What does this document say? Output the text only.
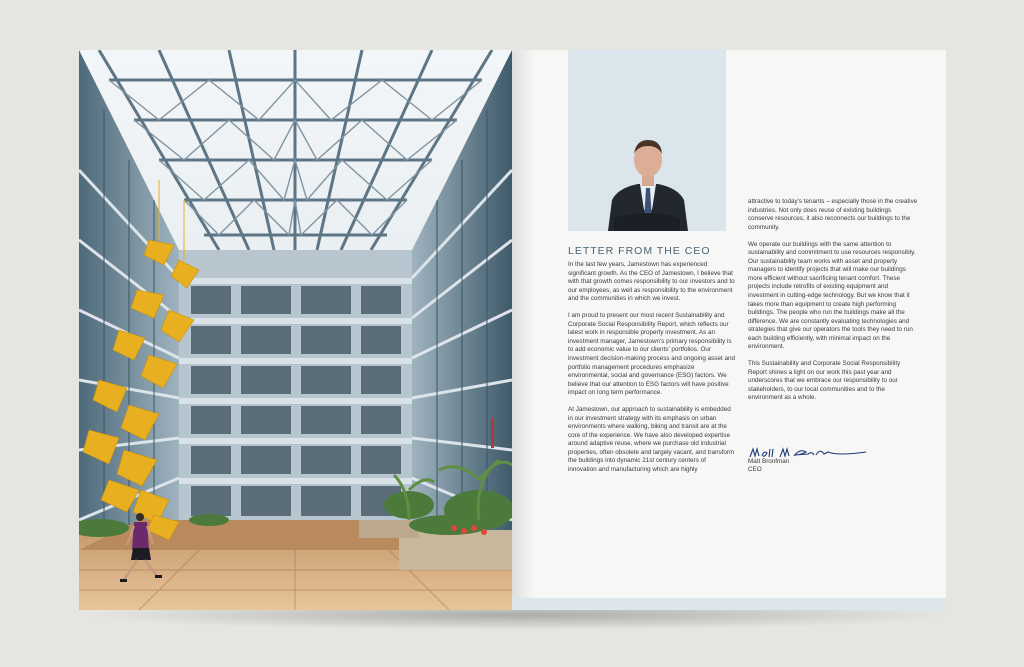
LETTER FROM THE CEO

In the last few years, Jamestown has experienced significant growth. As the CEO of Jamestown, I believe that with that growth comes responsibility to our investors and to our employees, as well as responsibility to the environment and the communities in which we invest.

I am proud to present our most recent Sustainability and Corporate Social Responsibility Report, which reflects our latest work in responsible property investment. As an investment manager, Jamestown's primary responsibility is to add economic value to our clients' portfolios. Our investment decision-making process and ongoing asset and portfolio management procedures emphasize environmental, social and governance (ESG) factors. We believe that our attention to ESG factors will have positive impact on long term performance.

At Jamestown, our approach to sustainability is embedded in our investment strategy with its emphasis on urban environments where walking, biking and transit are at the core of the experience. We have also developed expertise around adaptive reuse, where we purchase old industrial properties, often obsolete and largely vacant, and transform the buildings into dynamic 21st century centers of innovation and manufacturing which are highly

attractive to today's tenants – especially those in the creative industries. Not only does reuse of existing buildings conserve resources, it also reconnects our buildings to the community.

We operate our buildings with the same attention to sustainability and commitment to use resources responsibly. Our sustainability team works with asset and property managers to identify projects that will make our buildings more efficient without sacrificing tenant comfort. These projects include retrofits of existing equipment and investment in cutting-edge technology. But we know that it takes more than equipment to create high performing buildings. The people who run the buildings make all the difference. We are constantly evaluating technologies and strategies that give our operators the tools they need to run each building efficiently, with minimal impact on the environment.

This Sustainability and Corporate Social Responsibility Report shines a light on our work this past year and underscores that we embrace our responsibility to our stakeholders, to our local communities and to the environment as a whole.

Matt Bronfman
CEO
